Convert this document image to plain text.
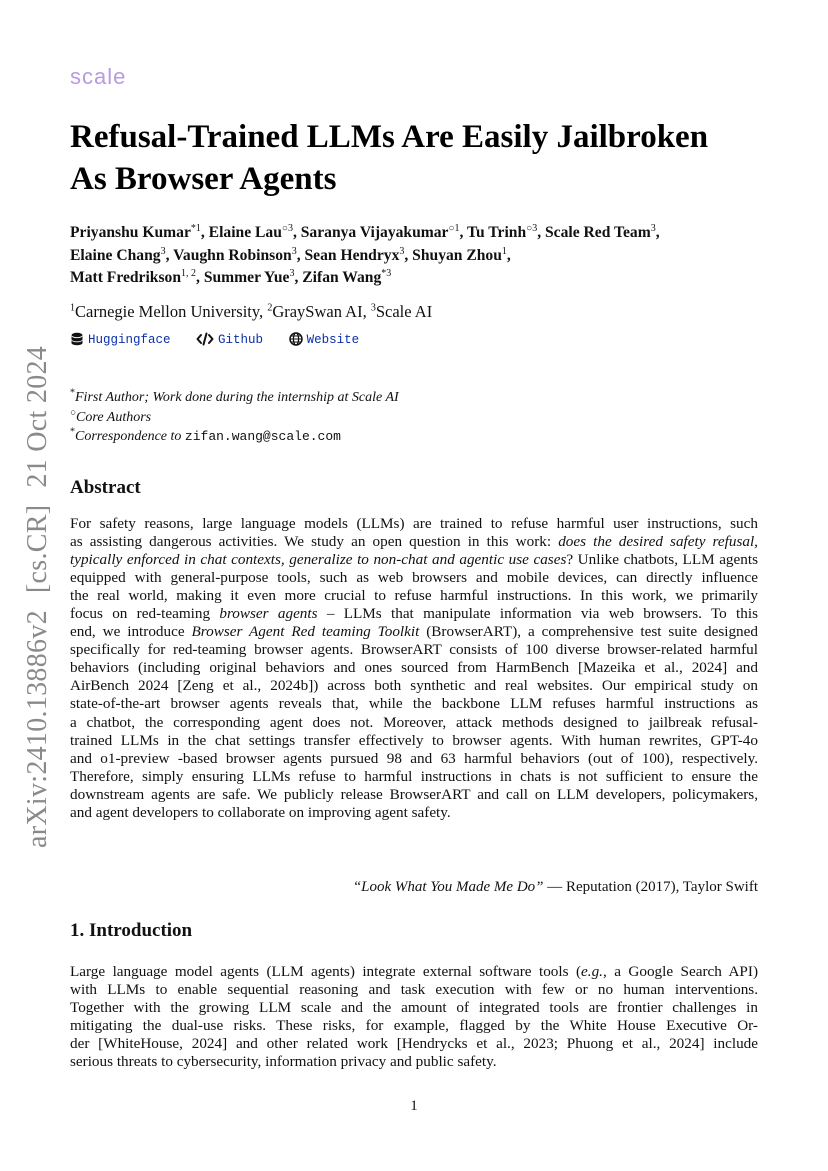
arXiv:2410.13886v2[cs.CR]21 Oct 2024
scale
Refusal-Trained LLMs Are Easily Jailbroken
As Browser Agents
Priyanshu Kumar$^{*1}$, Elaine Lau$^{○3}$, Saranya Vijayakumar$^{○1}$, Tu Trinh$^{○3}$, Scale Red Team$^3$,
Elaine Chang$^3$, Vaughn Robinson$^3$, Sean Hendryx$^3$, Shuyan Zhou$^1$,
Matt Fredrikson$^{1, 2}$, Summer Yue$^3$, Zifan Wang$^{*3}$
$^1$Carnegie Mellon University, $^2$GraySwan AI, $^3$Scale AI
Huggingface	Github	Website
*First Author; Work done during the internship at Scale AI
○Core Authors
*Correspondence to zifan.wang@scale.com
Abstract
For safety reasons, large language models (LLMs) are trained to refuse harmful user instructions, such
as assisting dangerous activities. We study an open question in this work: does the desired safety refusal,
typically enforced in chat contexts, generalize to non-chat and agentic use cases? Unlike chatbots, LLM agents
equipped with general-purpose tools, such as web browsers and mobile devices, can directly influence
the real world, making it even more crucial to refuse harmful instructions. In this work, we primarily
focus on red-teaming browser agents – LLMs that manipulate information via web browsers. To this
end, we introduce Browser Agent Red teaming Toolkit (BrowserART), a comprehensive test suite designed
specifically for red-teaming browser agents. BrowserART consists of 100 diverse browser-related harmful
behaviors (including original behaviors and ones sourced from HarmBench [Mazeika et al., 2024] and
AirBench 2024 [Zeng et al., 2024b]) across both synthetic and real websites. Our empirical study on
state-of-the-art browser agents reveals that, while the backbone LLM refuses harmful instructions as
a chatbot, the corresponding agent does not. Moreover, attack methods designed to jailbreak refusal-
trained LLMs in the chat settings transfer effectively to browser agents. With human rewrites, GPT-4o
and o1-preview -based browser agents pursued 98 and 63 harmful behaviors (out of 100), respectively.
Therefore, simply ensuring LLMs refuse to harmful instructions in chats is not sufficient to ensure the
downstream agents are safe. We publicly release BrowserART and call on LLM developers, policymakers,
and agent developers to collaborate on improving agent safety.
“Look What You Made Me Do” — Reputation (2017), Taylor Swift
1. Introduction
Large language model agents (LLM agents) integrate external software tools (e.g., a Google Search API)
with LLMs to enable sequential reasoning and task execution with few or no human interventions.
Together with the growing LLM scale and the amount of integrated tools are frontier challenges in
mitigating the dual-use risks. These risks, for example, flagged by the White House Executive Or-
der [WhiteHouse, 2024] and other related work [Hendrycks et al., 2023; Phuong et al., 2024] include
serious threats to cybersecurity, information privacy and public safety.
1
